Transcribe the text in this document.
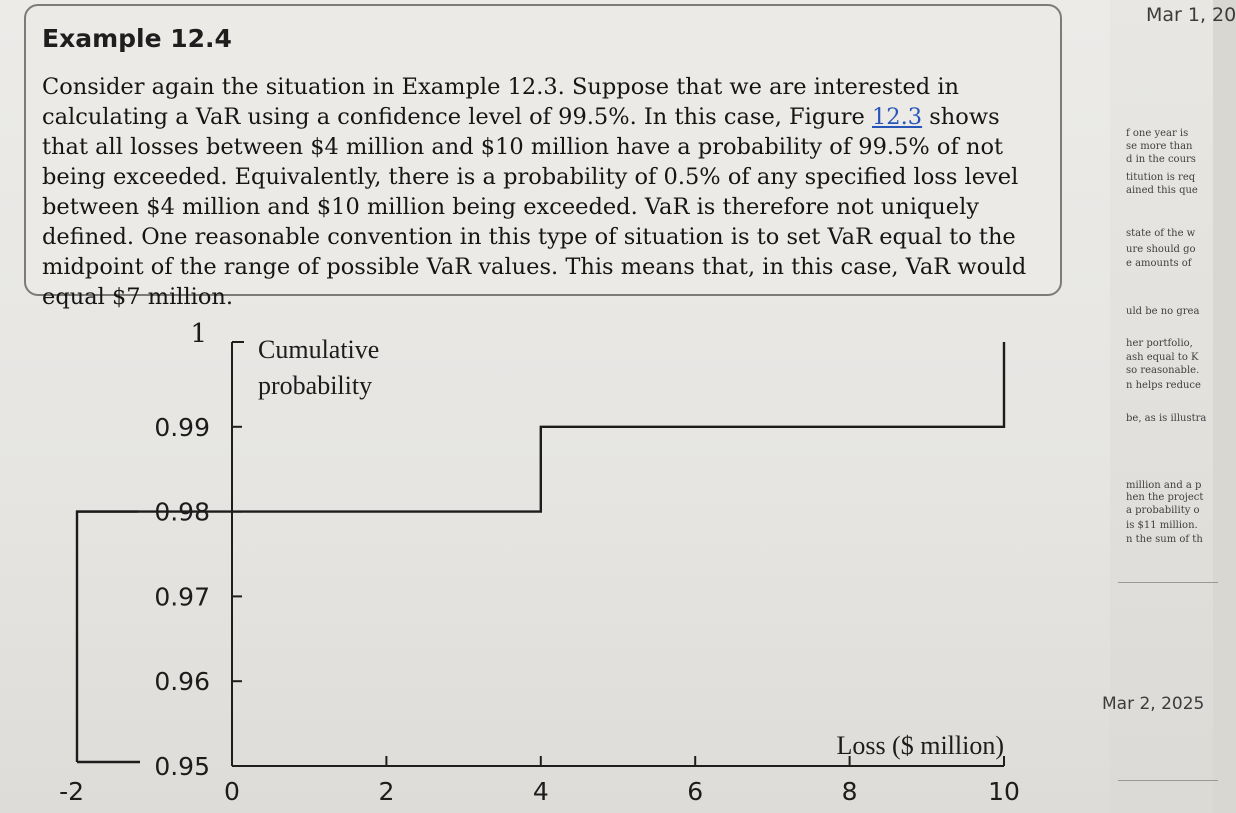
Example 12.4
Consider again the situation in Example 12.3. Suppose that we are interested in calculating a VaR using a confidence level of 99.5%. In this case, Figure 12.3 shows that all losses between $4 million and $10 million have a probability of 99.5% of not being exceeded. Equivalently, there is a probability of 0.5% of any specified loss level between $4 million and $10 million being exceeded. VaR is therefore not uniquely defined. One reasonable convention in this type of situation is to set VaR equal to the midpoint of the range of possible VaR values. This means that, in this case, VaR would equal $7 million.
1
Cumulative
probability
Loss ($ million)
-2	0	2	4	6	8	10
0.99
0.98
0.97
0.96
0.95
Mar 1, 20
f one year is
se more than
d in the cours
titution is req
ained this que
state of the w
ure should go
e amounts of
uld be no grea
her portfolio,
ash equal to K
so reasonable.
n helps reduce
be, as is illustra
million and a p
hen the project
a probability o
is $11 million.
n the sum of th
Mar 2, 2025
